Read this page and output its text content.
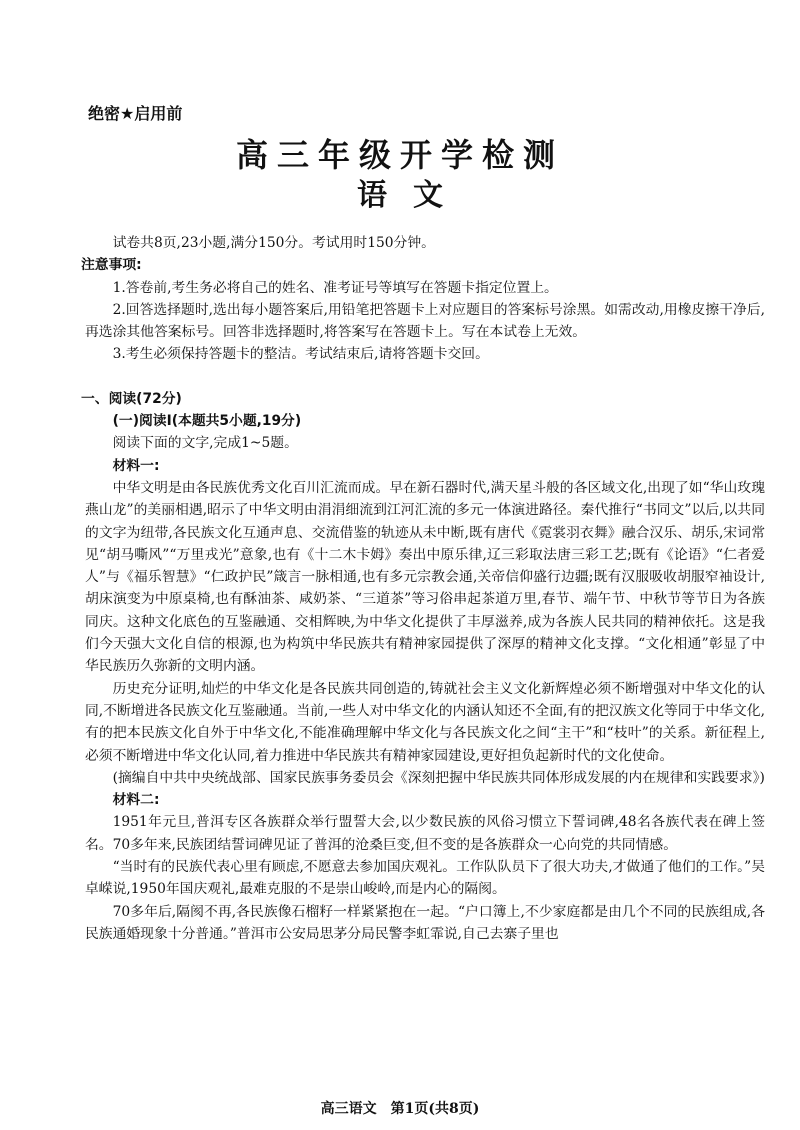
绝密★启用前
高三年级开学检测
语文

试卷共8页,23小题,满分150分。考试用时150分钟。

注意事项:

1.答卷前,考生务必将自己的姓名、准考证号等填写在答题卡指定位置上。

2.回答选择题时,选出每小题答案后,用铅笔把答题卡上对应题目的答案标号涂黑。如需改动,用橡皮擦干净后,再选涂其他答案标号。回答非选择题时,将答案写在答题卡上。写在本试卷上无效。

3.考生必须保持答题卡的整洁。考试结束后,请将答题卡交回。

一、阅读(72分)

(一)阅读Ⅰ(本题共5小题,19分)

阅读下面的文字,完成1~5题。

材料一:

中华文明是由各民族优秀文化百川汇流而成。早在新石器时代,满天星斗般的各区域文化,出现了如“华山玫瑰燕山龙”的美丽相遇,昭示了中华文明由涓涓细流到江河汇流的多元一体演进路径。秦代推行“书同文”以后,以共同的文字为纽带,各民族文化互通声息、交流借鉴的轨迹从未中断,既有唐代《霓裳羽衣舞》融合汉乐、胡乐,宋词常见“胡马嘶风”“万里戎光”意象,也有《十二木卡姆》奏出中原乐律,辽三彩取法唐三彩工艺;既有《论语》“仁者爱人”与《福乐智慧》“仁政护民”箴言一脉相通,也有多元宗教会通,关帝信仰盛行边疆;既有汉服吸收胡服窄袖设计,胡床演变为中原桌椅,也有酥油茶、咸奶茶、“三道茶”等习俗串起茶道万里,春节、端午节、中秋节等节日为各族同庆。这种文化底色的互鉴融通、交相辉映,为中华文化提供了丰厚滋养,成为各族人民共同的精神依托。这是我们今天强大文化自信的根源,也为构筑中华民族共有精神家园提供了深厚的精神文化支撑。“文化相通”彰显了中华民族历久弥新的文明内涵。

历史充分证明,灿烂的中华文化是各民族共同创造的,铸就社会主义文化新辉煌必须不断增强对中华文化的认同,不断增进各民族文化互鉴融通。当前,一些人对中华文化的内涵认知还不全面,有的把汉族文化等同于中华文化,有的把本民族文化自外于中华文化,不能准确理解中华文化与各民族文化之间“主干”和“枝叶”的关系。新征程上,必须不断增进中华文化认同,着力推进中华民族共有精神家园建设,更好担负起新时代的文化使命。

(摘编自中共中央统战部、国家民族事务委员会《深刻把握中华民族共同体形成发展的内在规律和实践要求》)

材料二:

1951年元旦,普洱专区各族群众举行盟誓大会,以少数民族的风俗习惯立下誓词碑,48名各族代表在碑上签名。70多年来,民族团结誓词碑见证了普洱的沧桑巨变,但不变的是各族群众一心向党的共同情感。

“当时有的民族代表心里有顾虑,不愿意去参加国庆观礼。工作队队员下了很大功夫,才做通了他们的工作。”吴卓嵘说,1950年国庆观礼,最难克服的不是崇山峻岭,而是内心的隔阂。

70多年后,隔阂不再,各民族像石榴籽一样紧紧抱在一起。“户口簿上,不少家庭都是由几个不同的民族组成,各民族通婚现象十分普通。”普洱市公安局思茅分局民警李虹霏说,自己去寨子里也

高三语文　第1页(共8页)
